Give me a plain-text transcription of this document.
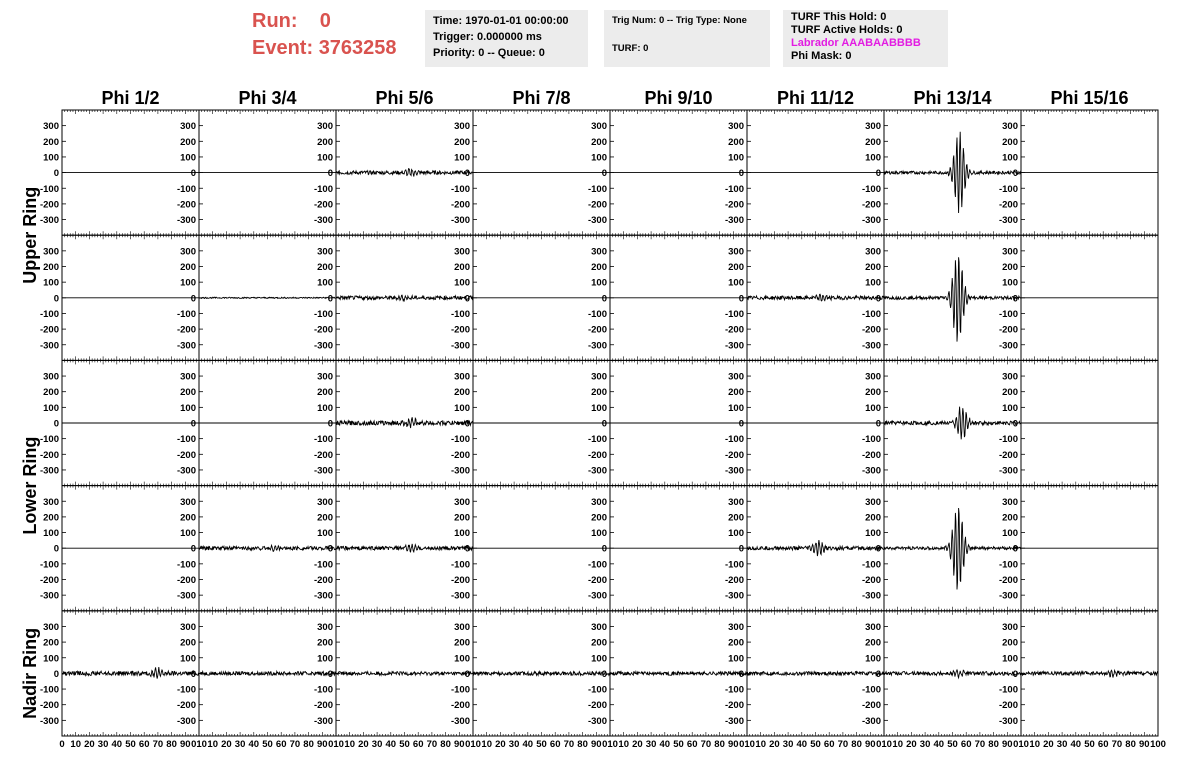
Run: 0
Event: 3763258
Time: 1970-01-01 00:00:00
Trigger: 0.000000 ms
Priority: 0 -- Queue: 0
Trig Num: 0 -- Trig Type: None
TURF: 0
TURF This Hold: 0
TURF Active Holds: 0
Labrador AAABAABBBB
Phi Mask: 0
Phi 1/2	Phi 3/4	Phi 5/6	Phi 7/8	Phi 9/10	Phi 11/12	Phi 13/14	Phi 15/16
Upper Ring
Lower Ring
Nadir Ring
300
200
100
0
-100
-200
-300
300
200
100
0
-100
-200
-300
300
200
100
0
-100
-200
-300
300
200
100
0
-100
-200
-300
300
200
100
0
-100
-200
-300
300
200
100
0
-100
-200
-300
300
200
100
0
-100
-200
-300
300
200
100
0
-100
-200
-300
300
200
100
0
-100
-200
-300
300
200
100
0
-100
-200
-300
300
200
100
0
-100
-200
-300
300
200
100
0
-100
-200
-300
300
200
100
0
-100
-200
-300
300
200
100
0
-100
-200
-300
300
200
100
0
-100
-200
-300
300
200
100
0
-100
-200
-300
300
200
100
0
-100
-200
-300
300
200
100
0
-100
-200
-300
300
200
100
0
-100
-200
-300
300
200
100
0
-100
-200
-300
300
200
100
0
-100
-200
-300
300
200
100
0
-100
-200
-300
300
200
100
0
-100
-200
-300
300
200
100
0
-100
-200
-300
300
200
100
0
-100
-200
-300
300
200
100
0
-100
-200
-300
300
200
100
0
-100
-200
-300
300
200
100
0
-100
-200
-300
300
200
100
0
-100
-200
-300
300
200
100
0
-100
-200
-300
300
200
100
0
-100
-200
-300
300
200
100
0
-100
-200
-300
300
200
100
0
-100
-200
-300
300
200
100
0
-100
-200
-300
300
200
100
0
-100
-200
-300
300
200
100
0
-100
-200
-300
300
200
100
0
-100
-200
-300
300
200
100
0
-100
-200
-300
300
200
100
0
-100
-200
-300
300
200
100
0
-100
-200
-300
10 20 30 40 50 60 70 80 90 10 20 30 40 50 60 70 80 90
010	10 20 30 40 50 60 70 80 90
010	10 20 30 40 50 60 70 80 90
010	10 20 30 40 50 60 70 80 90
010	10 20 30 40 50 60 70 80 90
010	10 20 30 40 50 60 70 80 90
010	10 20 30 40 50 60 70 80 90
010
0	100
